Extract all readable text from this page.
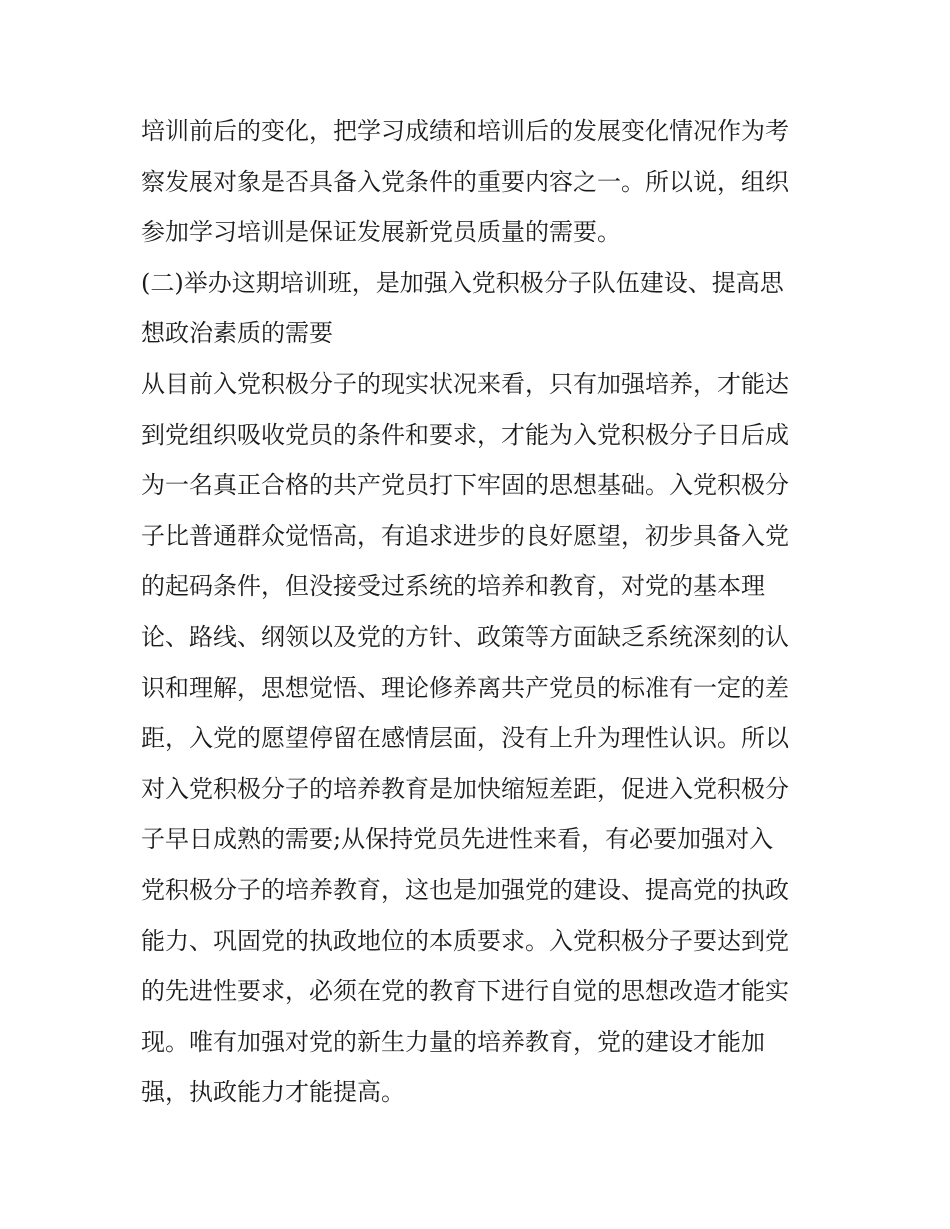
培训前后的变化，把学习成绩和培训后的发展变化情况作为考
察发展对象是否具备入党条件的重要内容之一。所以说，组织
参加学习培训是保证发展新党员质量的需要。
(二)举办这期培训班，是加强入党积极分子队伍建设、提高思
想政治素质的需要
从目前入党积极分子的现实状况来看，只有加强培养，才能达
到党组织吸收党员的条件和要求，才能为入党积极分子日后成
为一名真正合格的共产党员打下牢固的思想基础。入党积极分
子比普通群众觉悟高，有追求进步的良好愿望，初步具备入党
的起码条件，但没接受过系统的培养和教育，对党的基本理
论、路线、纲领以及党的方针、政策等方面缺乏系统深刻的认
识和理解，思想觉悟、理论修养离共产党员的标准有一定的差
距，入党的愿望停留在感情层面，没有上升为理性认识。所以
对入党积极分子的培养教育是加快缩短差距，促进入党积极分
子早日成熟的需要;从保持党员先进性来看，有必要加强对入
党积极分子的培养教育，这也是加强党的建设、提高党的执政
能力、巩固党的执政地位的本质要求。入党积极分子要达到党
的先进性要求，必须在党的教育下进行自觉的思想改造才能实
现。唯有加强对党的新生力量的培养教育，党的建设才能加
强，执政能力才能提高。
